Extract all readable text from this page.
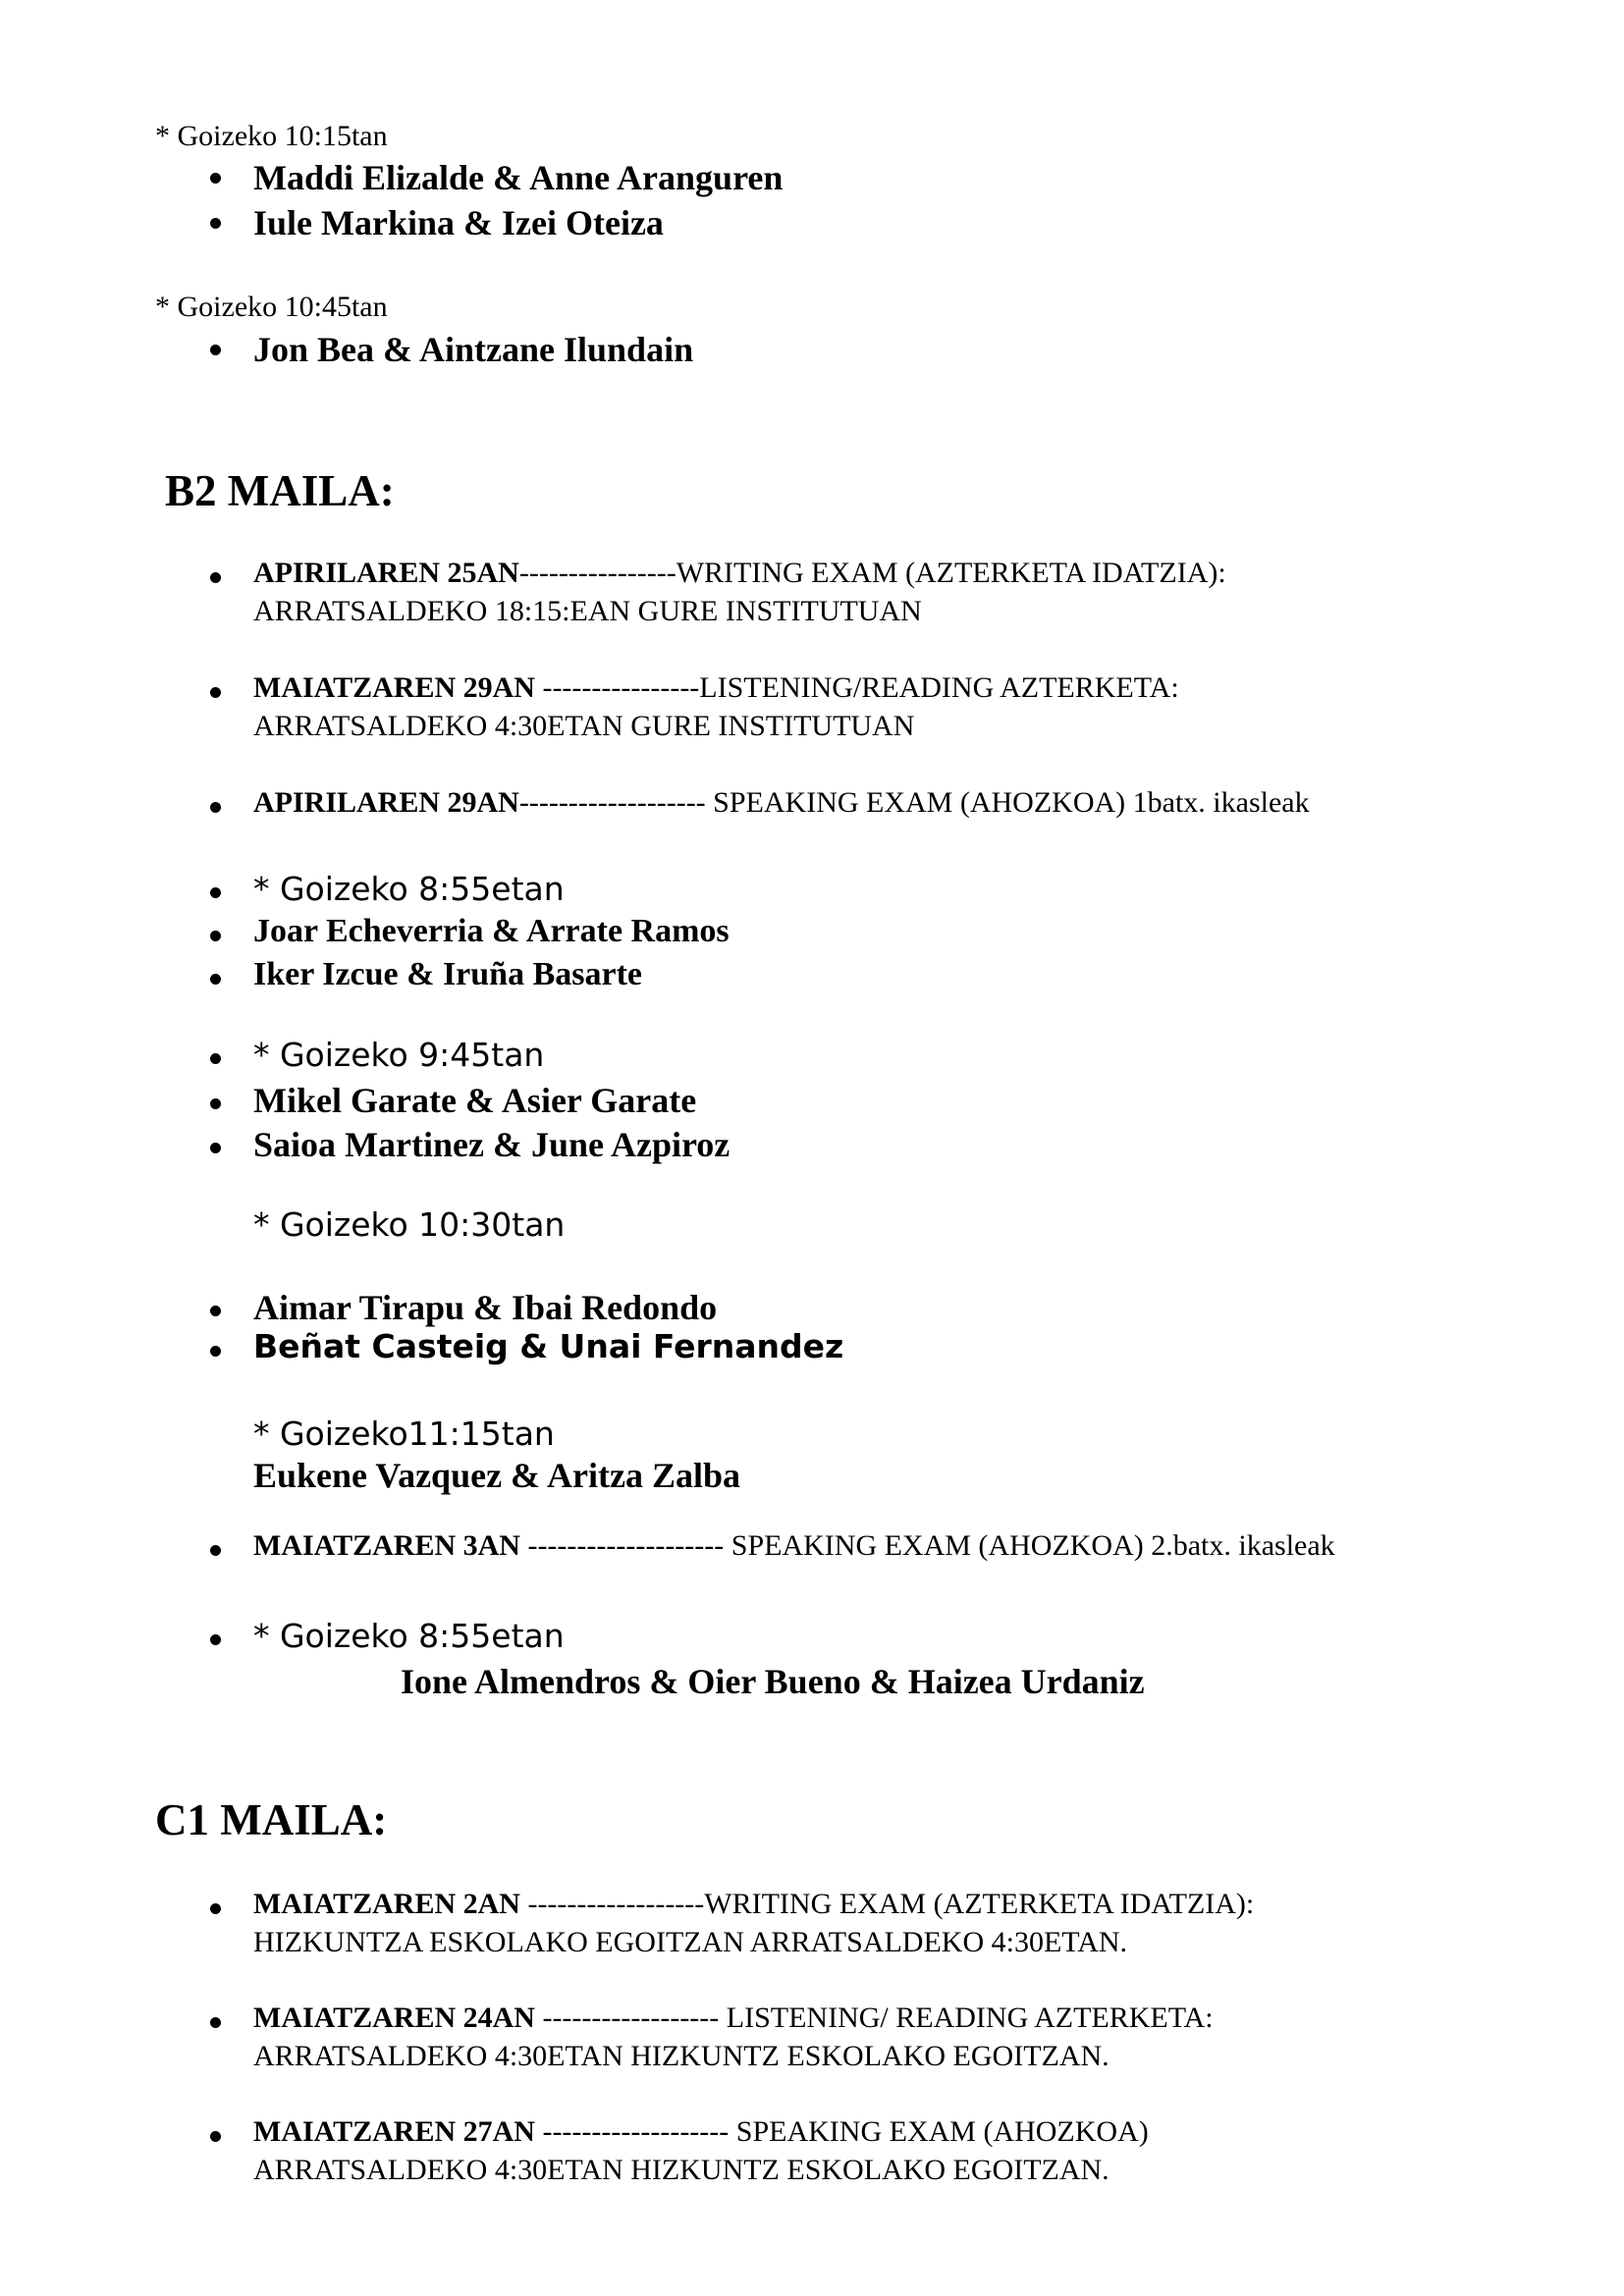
* Goizeko 10:15tan
Maddi Elizalde & Anne Aranguren
Iule Markina & Izei Oteiza
* Goizeko 10:45tan
Jon Bea & Aintzane Ilundain
B2 MAILA:
APIRILAREN 25AN----------------WRITING EXAM (AZTERKETA IDATZIA):
ARRATSALDEKO 18:15:EAN GURE INSTITUTUAN
MAIATZAREN 29AN ----------------LISTENING/READING AZTERKETA:
ARRATSALDEKO 4:30ETAN GURE INSTITUTUAN
APIRILAREN 29AN------------------- SPEAKING EXAM (AHOZKOA) 1batx. ikasleak
* Goizeko 8:55etan
Joar Echeverria & Arrate Ramos
Iker Izcue & Iruña Basarte
* Goizeko 9:45tan
Mikel Garate & Asier Garate
Saioa Martinez & June Azpiroz
* Goizeko 10:30tan
Aimar Tirapu & Ibai Redondo
Beñat Casteig & Unai Fernandez
* Goizeko11:15tan
Eukene Vazquez & Aritza Zalba
MAIATZAREN 3AN -------------------- SPEAKING EXAM (AHOZKOA) 2.batx. ikasleak
* Goizeko 8:55etan
Ione Almendros & Oier Bueno & Haizea Urdaniz
C1 MAILA:
MAIATZAREN 2AN ------------------WRITING EXAM (AZTERKETA IDATZIA):
HIZKUNTZA ESKOLAKO EGOITZAN ARRATSALDEKO 4:30ETAN.
MAIATZAREN 24AN ------------------ LISTENING/ READING AZTERKETA:
ARRATSALDEKO 4:30ETAN HIZKUNTZ ESKOLAKO EGOITZAN.
MAIATZAREN 27AN ------------------- SPEAKING EXAM (AHOZKOA)
ARRATSALDEKO 4:30ETAN HIZKUNTZ ESKOLAKO EGOITZAN.
